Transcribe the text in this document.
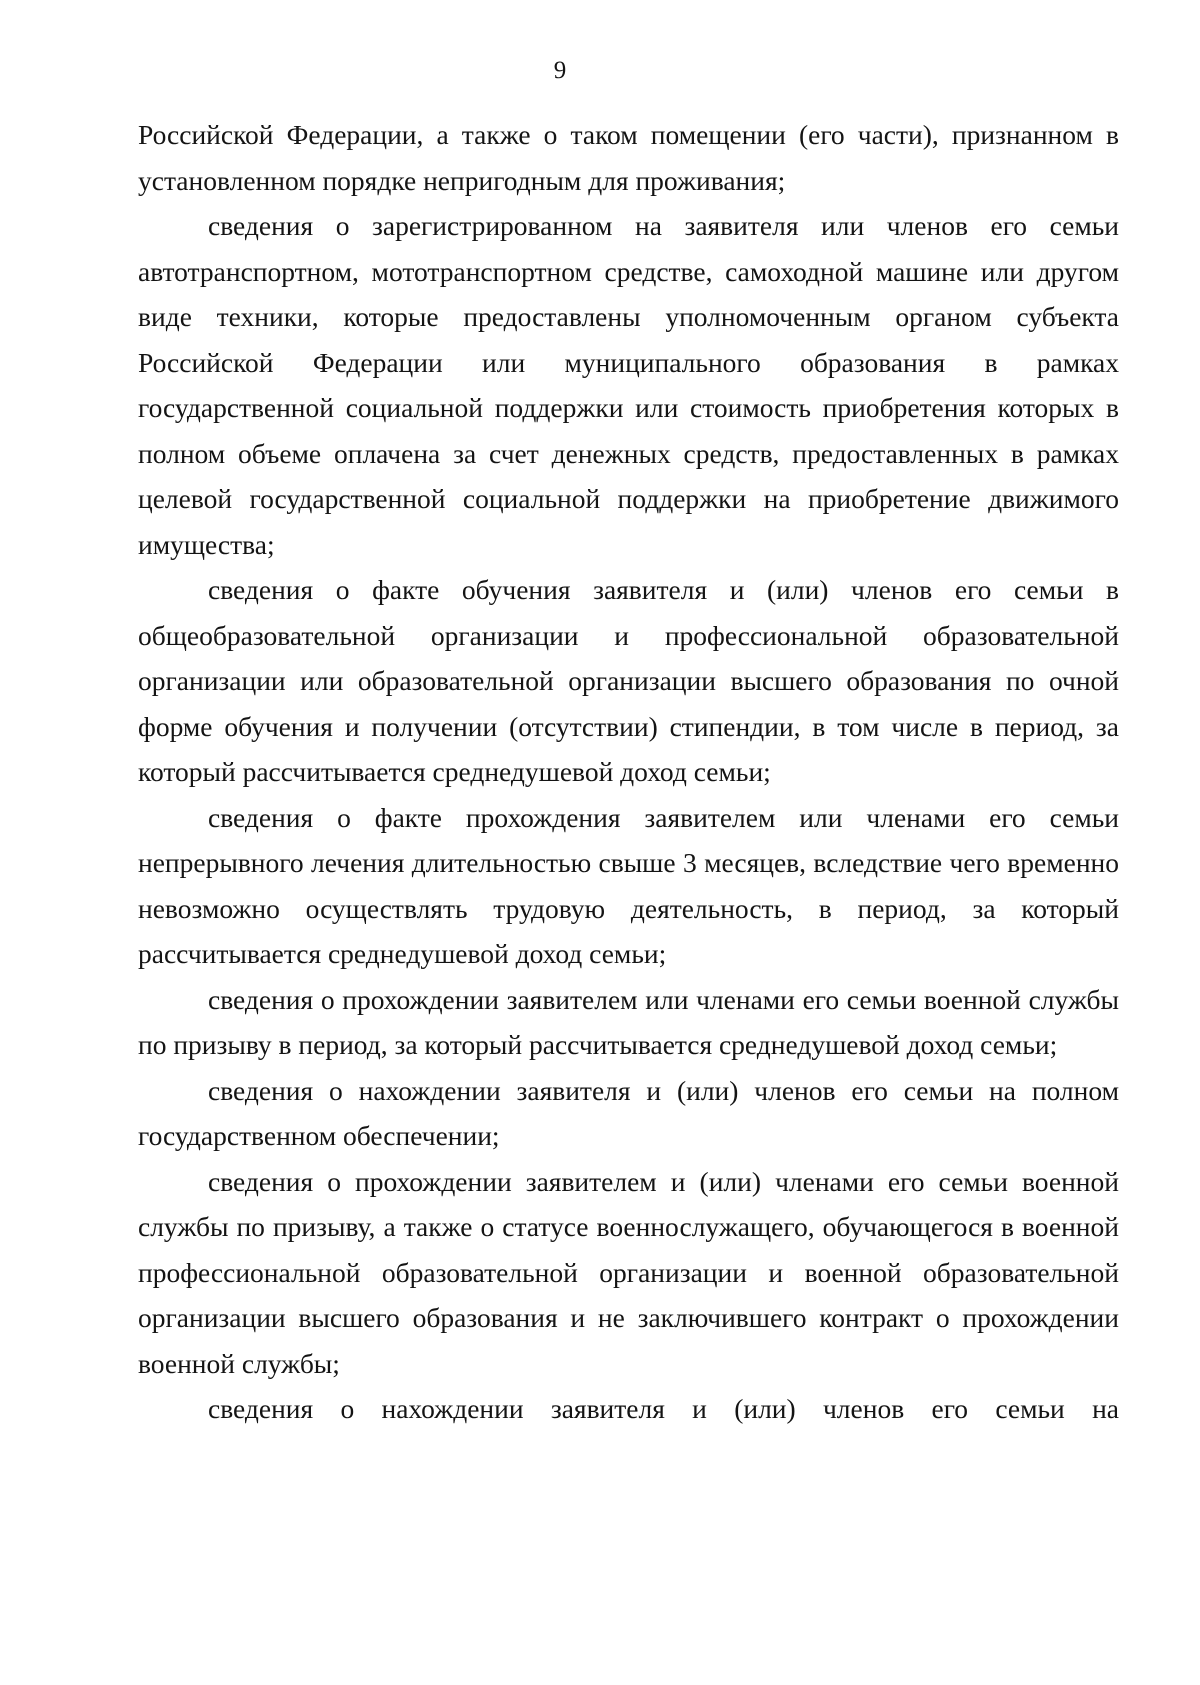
9

Российской Федерации, а также о таком помещении (его части), признанном в установленном порядке непригодным для проживания;

сведения о зарегистрированном на заявителя или членов его семьи автотранспортном, мототранспортном средстве, самоходной машине или другом виде техники, которые предоставлены уполномоченным органом субъекта Российской Федерации или муниципального образования в рамках государственной социальной поддержки или стоимость приобретения которых в полном объеме оплачена за счет денежных средств, предоставленных в рамках целевой государственной социальной поддержки на приобретение движимого имущества;

сведения о факте обучения заявителя и (или) членов его семьи в общеобразовательной организации и профессиональной образовательной организации или образовательной организации высшего образования по очной форме обучения и получении (отсутствии) стипендии, в том числе в период, за который рассчитывается среднедушевой доход семьи;

сведения о факте прохождения заявителем или членами его семьи непрерывного лечения длительностью свыше 3 месяцев, вследствие чего временно невозможно осуществлять трудовую деятельность, в период, за который рассчитывается среднедушевой доход семьи;

сведения о прохождении заявителем или членами его семьи военной службы по призыву в период, за который рассчитывается среднедушевой доход семьи;

сведения о нахождении заявителя и (или) членов его семьи на полном государственном обеспечении;

сведения о прохождении заявителем и (или) членами его семьи военной службы по призыву, а также о статусе военнослужащего, обучающегося в военной профессиональной образовательной организации и военной образовательной организации высшего образования и не заключившего контракт о прохождении военной службы;

сведения о нахождении заявителя и (или) членов его семьи на
